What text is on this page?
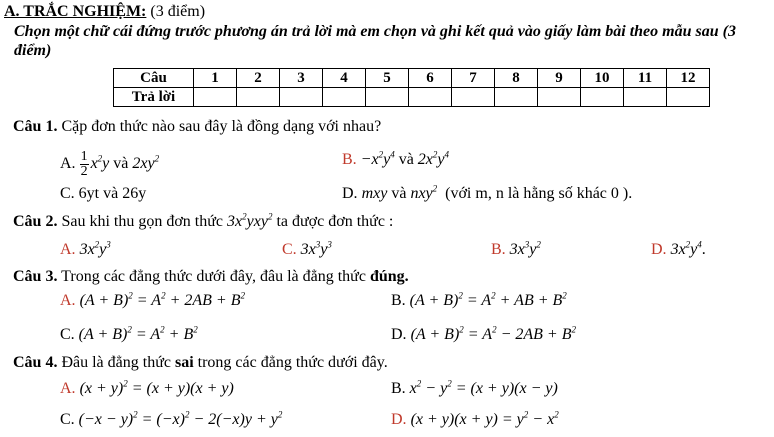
A. TRẮC NGHIỆM: (3 điểm)
Chọn một chữ cái đứng trước phương án trả lời mà em chọn và ghi kết quả vào giấy làm bài theo mẫu sau (3 điểm)
Câu	1	2	3	4	5	6	7	8	9	10	11	12
Trả lời												
Câu 1. Cặp đơn thức nào sau đây là đồng dạng với nhau?
A. $\frac{1}{2} x^2y$ và $2xy^2$	B. $-x^2y^4$ và $2x^2y^4$
C. 6yt và 26y	D. mxy và nxy$^2$ (với m, n là hằng số khác 0 ).
Câu 2. Sau khi thu gọn đơn thức $3x^2yxy^2$ ta được đơn thức :
A. $3x^2y^3$	C. $3x^3y^3$	B. $3x^3y^2$	D. $3x^2y^4$.
Câu 3. Trong các đẳng thức dưới đây, đâu là đẳng thức đúng.
A. $(A + B)^2 = A^2 + 2AB + B^2$	B. $(A + B)^2 = A^2$ + AB + $B^2$
C. $(A + B)^2 = A^2 + B^2$	D. $(A + B)^2 = A^2 - 2AB + B^2$
Câu 4. Đâu là đẳng thức sai trong các đẳng thức dưới đây.
A. $(x + y)^2 = (x + y)(x + y)$	B. $x^2 - y^2 = (x + y)(x - y)$
C. $(-x - y)^2 = (-x)^2 - 2(-x)y + y^2$	D. $(x + y)(x + y) = y^2 - x^2$
